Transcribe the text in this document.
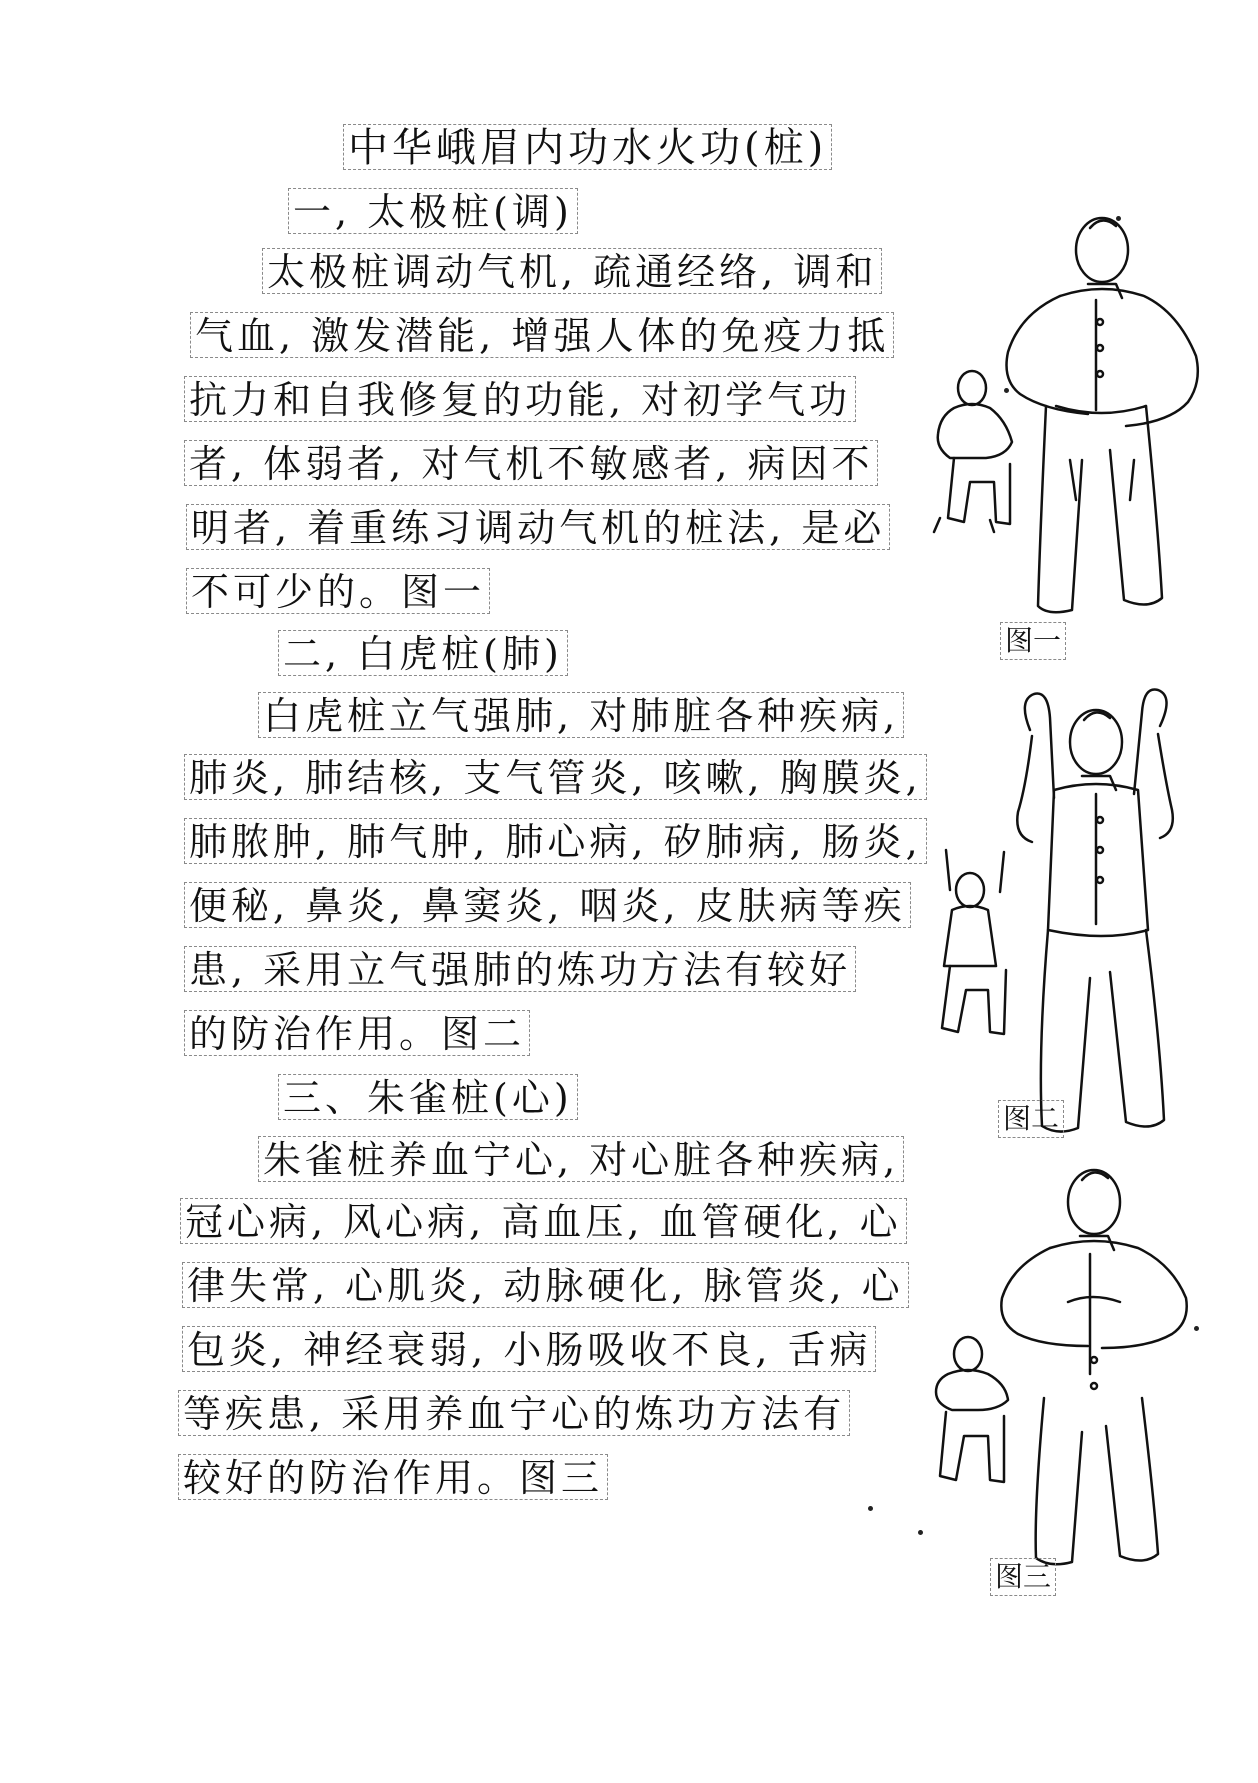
中华峨眉内功水火功(桩)
一, 太极桩(调)
太极桩调动气机, 疏通经络, 调和
气血, 激发潜能, 增强人体的免疫力抵
抗力和自我修复的功能, 对初学气功
者, 体弱者, 对气机不敏感者, 病因不
明者, 着重练习调动气机的桩法, 是必
不可少的。图一
二, 白虎桩(肺)
白虎桩立气强肺, 对肺脏各种疾病,
肺炎, 肺结核, 支气管炎, 咳嗽, 胸膜炎,
肺脓肿, 肺气肿, 肺心病, 矽肺病, 肠炎,
便秘, 鼻炎, 鼻窦炎, 咽炎, 皮肤病等疾
患, 采用立气强肺的炼功方法有较好
的防治作用。图二
三、朱雀桩(心)
朱雀桩养血宁心, 对心脏各种疾病,
冠心病, 风心病, 高血压, 血管硬化, 心
律失常, 心肌炎, 动脉硬化, 脉管炎, 心
包炎, 神经衰弱, 小肠吸收不良, 舌病
等疾患, 采用养血宁心的炼功方法有
较好的防治作用。图三
图一
图二
图三
